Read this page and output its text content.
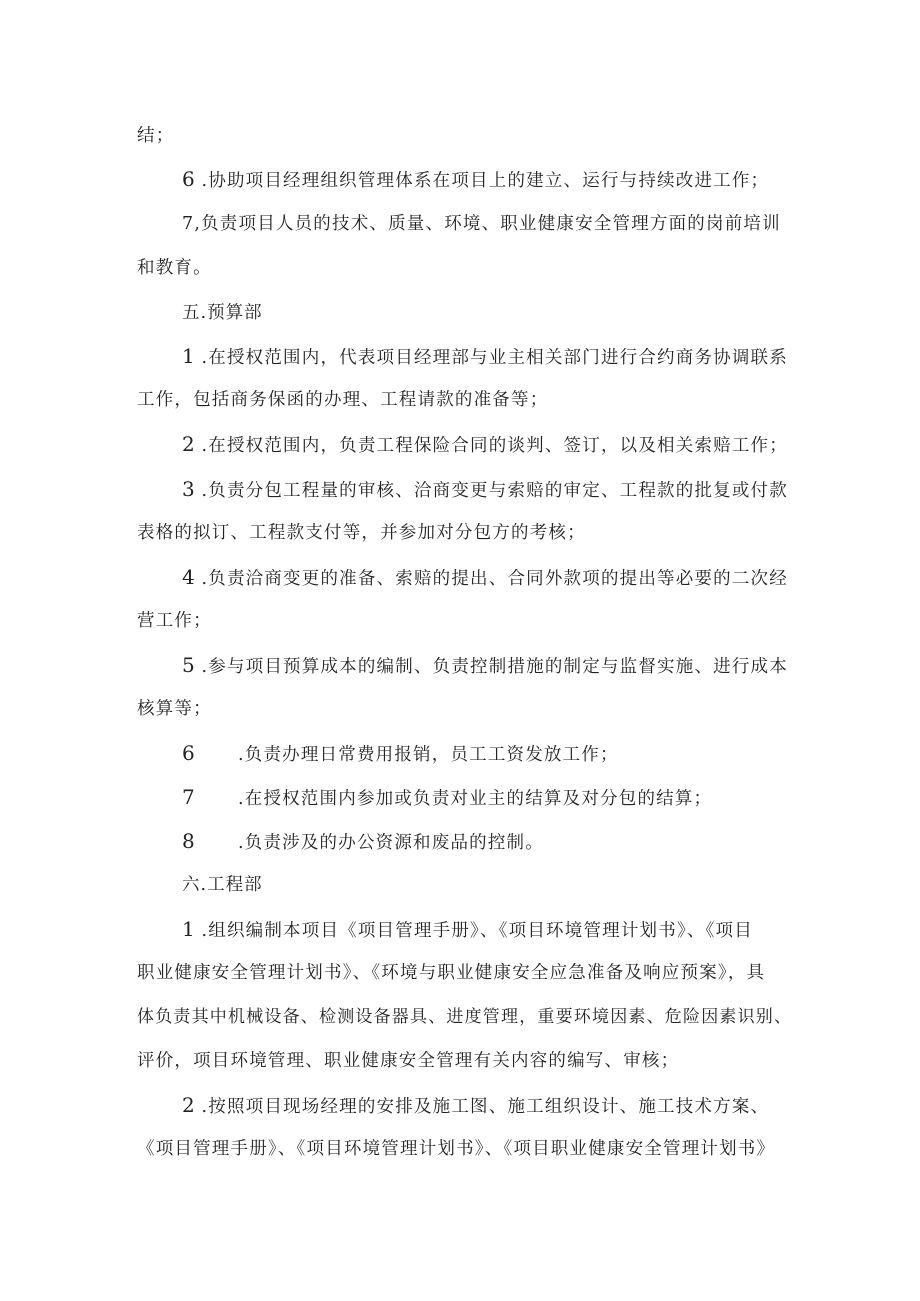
结；
6 .协助项目经理组织管理体系在项目上的建立、运行与持续改进工作；
7,负责项目人员的技术、质量、环境、职业健康安全管理方面的岗前培训
和教育。
五.预算部
1 .在授权范围内，代表项目经理部与业主相关部门进行合约商务协调联系
工作，包括商务保函的办理、工程请款的准备等；
2 .在授权范围内，负责工程保险合同的谈判、签订，以及相关索赔工作；
3 .负责分包工程量的审核、洽商变更与索赔的审定、工程款的批复或付款
表格的拟订、工程款支付等，并参加对分包方的考核；
4 .负责洽商变更的准备、索赔的提出、合同外款项的提出等必要的二次经
营工作；
5 .参与项目预算成本的编制、负责控制措施的制定与监督实施、进行成本
核算等；
6 .负责办理日常费用报销，员工工资发放工作；
7 .在授权范围内参加或负责对业主的结算及对分包的结算；
8 .负责涉及的办公资源和废品的控制。
六.工程部
1 .组织编制本项目《项目管理手册》、《项目环境管理计划书》、《项目
职业健康安全管理计划书》、《环境与职业健康安全应急准备及响应预案》，具
体负责其中机械设备、检测设备器具、进度管理，重要环境因素、危险因素识别、
评价，项目环境管理、职业健康安全管理有关内容的编写、审核；
2 .按照项目现场经理的安排及施工图、施工组织设计、施工技术方案、
《项目管理手册》、《项目环境管理计划书》、《项目职业健康安全管理计划书》
